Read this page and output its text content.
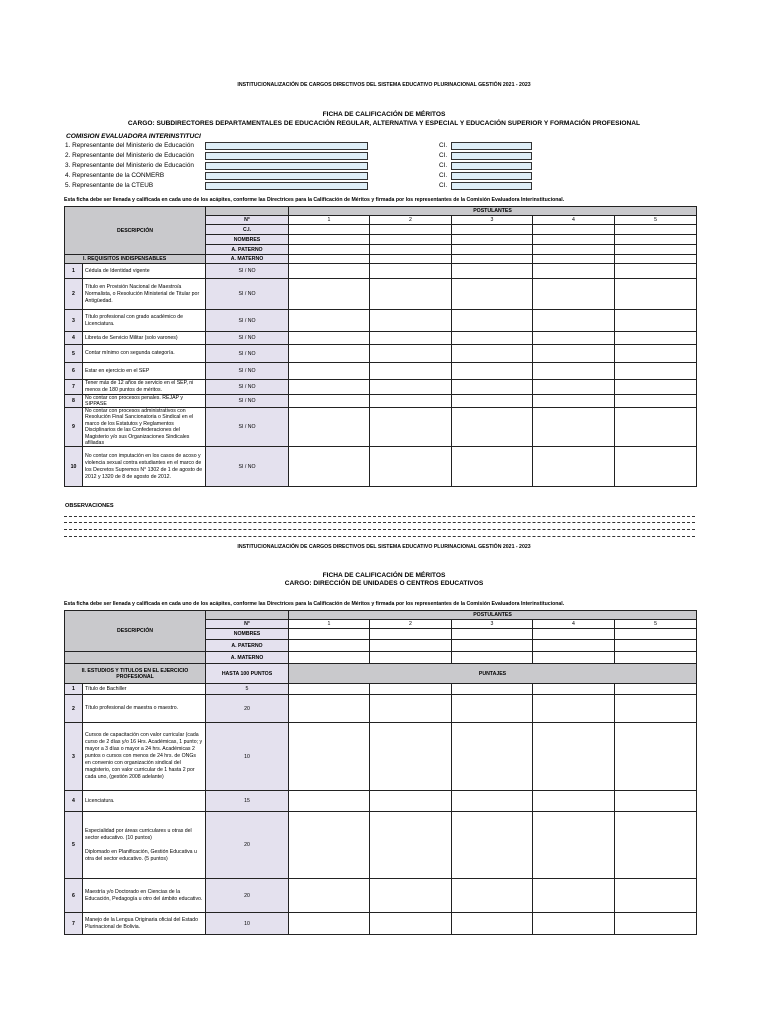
INSTITUCIONALIZACIÓN DE CARGOS DIRECTIVOS DEL SISTEMA EDUCATIVO PLURINACIONAL GESTIÓN 2021 - 2023
FICHA DE CALIFICACIÓN DE MÉRITOS
CARGO: SUBDIRECTORES DEPARTAMENTALES DE EDUCACIÓN REGULAR, ALTERNATIVA Y ESPECIAL Y EDUCACIÓN SUPERIOR Y FORMACIÓN PROFESIONAL
COMISION EVALUADORA INTERINSTITUCI
1. Representante del Ministerio de Educación	CI.
2. Representante del Ministerio de Educación	CI.
3. Representante del Ministerio de Educación	CI.
4. Representante de la CONMERB	CI.
5. Representante de la CTEUB	CI.
Esta ficha debe ser llenada y calificada en cada uno de los acápites, conforme las Directrices para la Calificación de Méritos y firmada por los representantes de la Comisión Evaluadora Interinstitucional.
DESCRIPCIÓN			POSTULANTES				
		N°	1	2	3	4	5
		C.I.					
		NOMBRES					
		A. PATERNO					
I. REQUISITOS INDISPENSABLES		A. MATERNO					
1	Cédula de Identidad vigente	SI / NO					
2	Título en Provisión Nacional de Maestro/a Normalista, o Resolución Ministerial de Titular por Antigüedad.	SI / NO					
3	Título profesional con grado académico de Licenciatura.	SI / NO					
4	Libreta de Servicio Militar (solo varones)	SI / NO					
5	Contar mínimo con segunda categoría.	SI / NO					
6	Estar en ejercicio en el SEP	SI / NO					
7	Tener más de 12 años de servicio en el SEP, ni menos de 180 puntos de méritos.	SI / NO					
8	No contar con procesos penales. REJAP y SIPPASE	SI / NO					
9	No contar con procesos administrativos con Resolución Final Sancionatoria o Sindical en el marco de los Estatutos y Reglamentos Disciplinarios de las Confederaciones del Magisterio y/o sus Organizaciones Sindicales afiliadas	SI / NO					
10	No contar con imputación en los casos de acoso y violencia sexual contra estudiantes en el marco de los Decretos Supremos N° 1302 de 1 de agosto de 2012 y 1320 de 8 de agosto de 2012.	SI / NO					
OBSERVACIONES
INSTITUCIONALIZACIÓN DE CARGOS DIRECTIVOS DEL SISTEMA EDUCATIVO PLURINACIONAL GESTIÓN 2021 - 2023
FICHA DE CALIFICACIÓN DE MÉRITOS
CARGO: DIRECCIÓN DE UNIDADES O CENTROS EDUCATIVOS
Esta ficha debe ser llenada y calificada en cada uno de los acápites, conforme las Directrices para la Calificación de Méritos y firmada por los representantes de la Comisión Evaluadora Interinstitucional.
DESCRIPCIÓN			POSTULANTES				
		N°	1	2	3	4	5
		NOMBRES					
		A. PATERNO					
		A. MATERNO					
II. ESTUDIOS Y TITULOS EN EL EJERCICIO PROFESIONAL		HASTA 100 PUNTOS	PUNTAJES				
1	Título de Bachiller	5					
2	Título profesional de maestra o maestro.	20					
3	Cursos de capacitación con valor curricular (cada curso de 2 días y/o 16 Hrs. Académicas, 1 punto; y mayor a 3 días o mayor a 24 hrs. Académicas 2 puntos o cursos con menos de 24 hrs. de ONGs en convenio con organización sindical del magisterio, con valor curricular de 1 hasta 2 por cada uno, (gestión 2008 adelante)	10					
4	Licenciatura.	15					
5	Especialidad por áreas curriculares u otras del sector educativo. (10 puntos)

Diplomado en Planificación, Gestión Educativa u otra del sector educativo. (5 puntos)	20					
6	Maestría y/o Doctorado en Ciencias de la Educación, Pedagogía u otro del ámbito educativo.	20					
7	Manejo de la Lengua Originaria oficial del Estado Plurinacional de Bolivia.	10					
